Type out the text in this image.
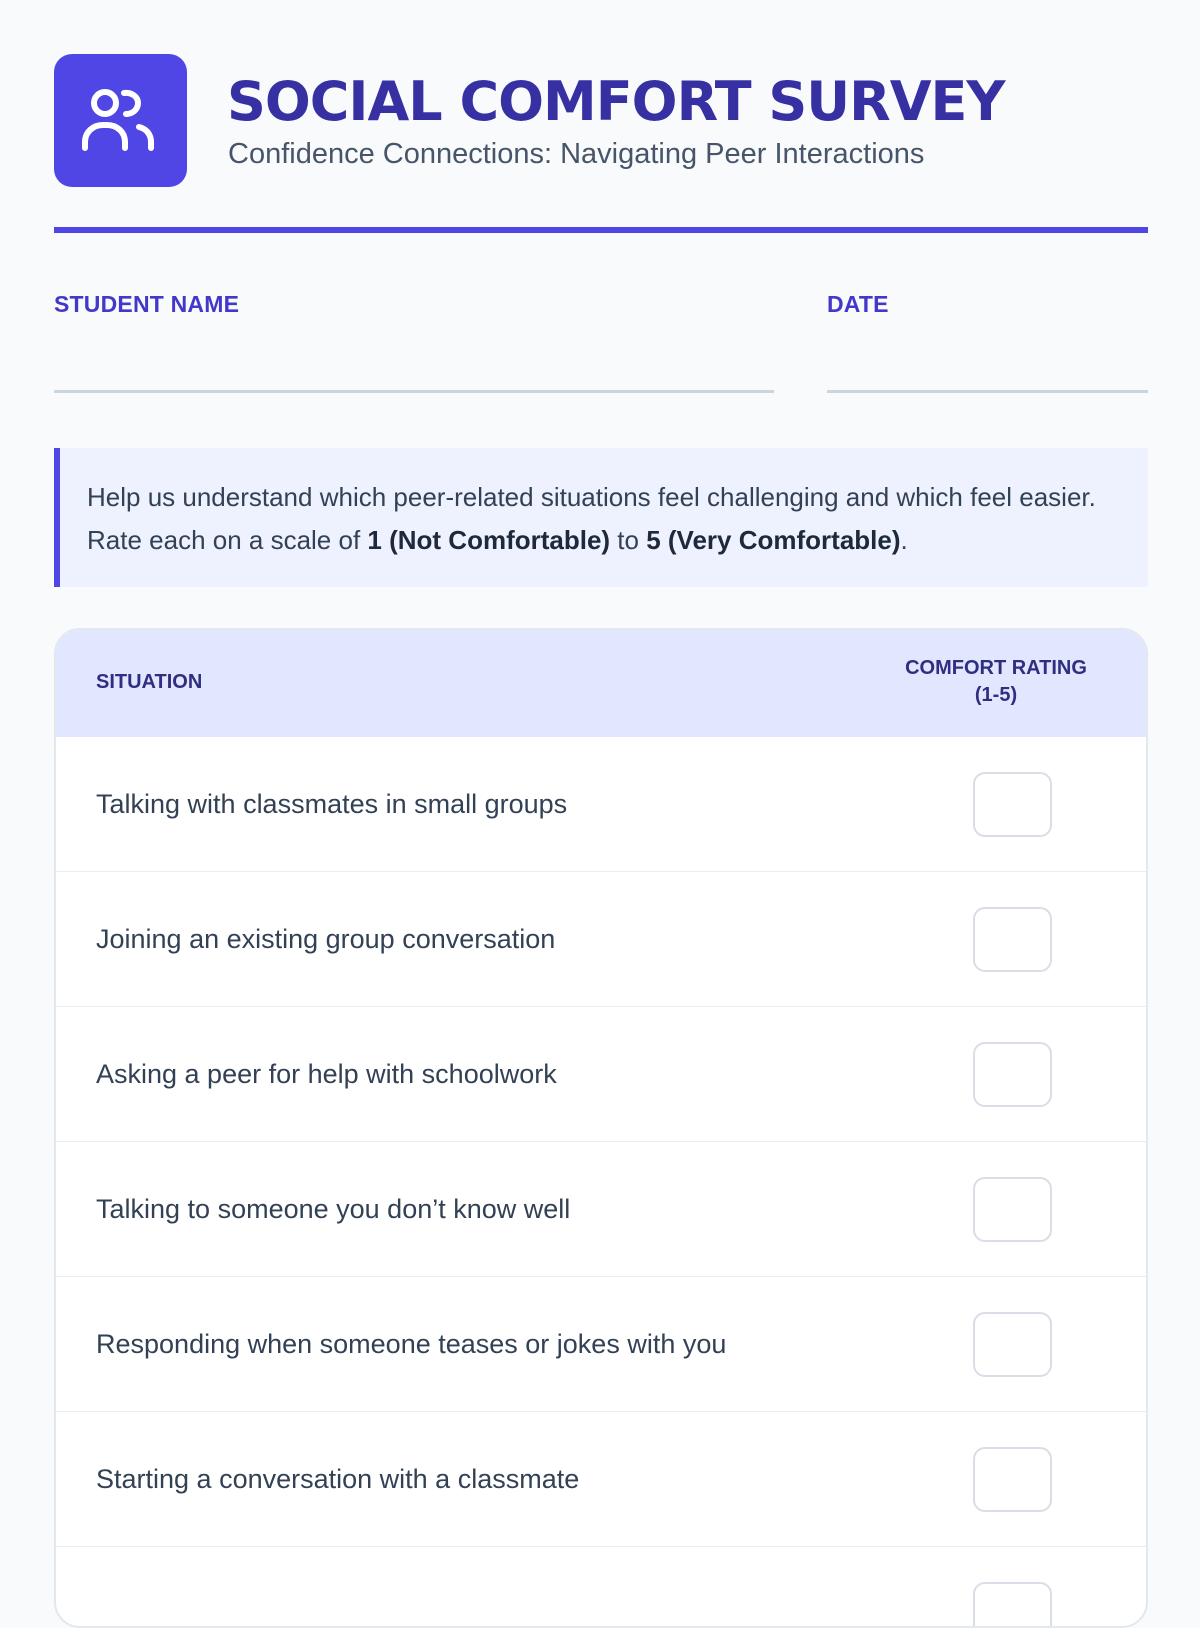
SOCIAL COMFORT SURVEY
Confidence Connections: Navigating Peer Interactions
STUDENT NAME	DATE
Help us understand which peer-related situations feel challenging and which feel easier. Rate each on a scale of 1 (Not Comfortable) to 5 (Very Comfortable).
SITUATION
COMFORT RATING (1-5)
Talking with classmates in small groups
Joining an existing group conversation
Asking a peer for help with schoolwork
Talking to someone you don’t know well
Responding when someone teases or jokes with you
Starting a conversation with a classmate
